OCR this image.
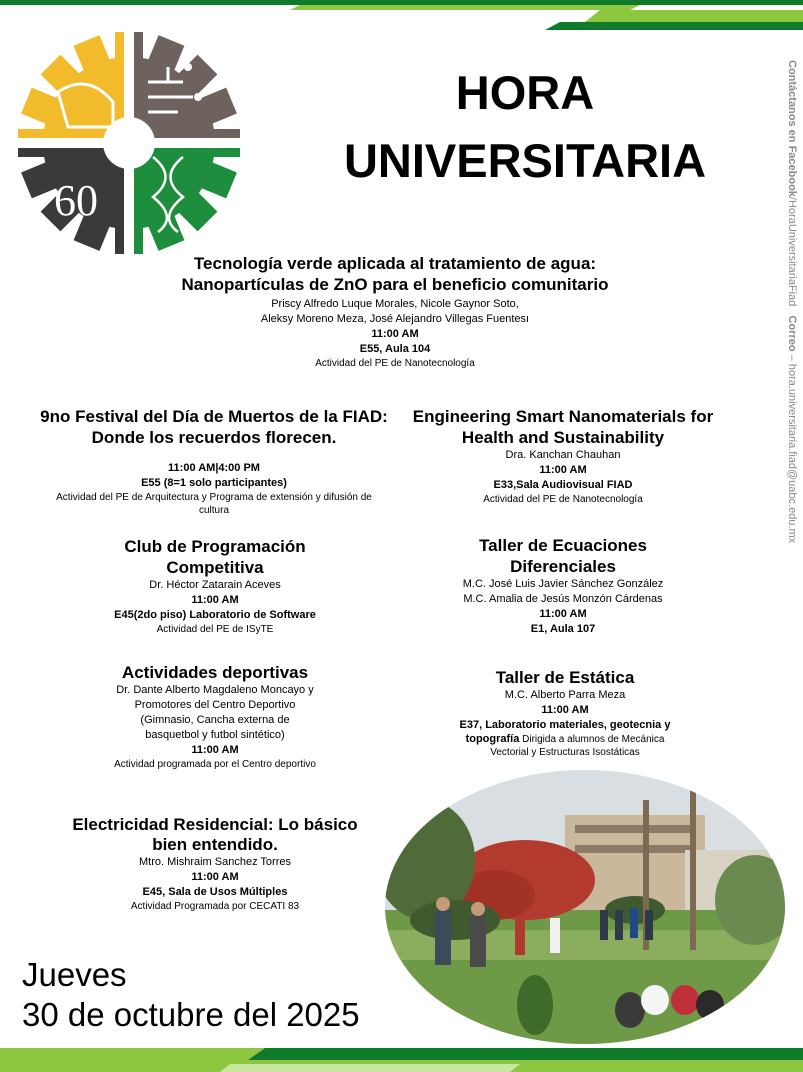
60
HORA
UNIVERSITARIA	Contáctanos en Facebook/HoraUniversitariaFiad   Correo – hora.universitaria.fiad@uabc.edu.mx
Tecnología verde aplicada al tratamiento de agua: Nanopartículas de ZnO para el beneficio comunitario
Priscy Alfredo Luque Morales, Nicole Gaynor Soto,
Aleksy Moreno Meza, José Alejandro Villegas Fuentesı
11:00 AM
E55, Aula 104
Actividad del PE de Nanotecnología
9no Festival del Día de Muertos de la FIAD: Donde los recuerdos florecen.
11:00 AM|4:00 PM
E55 (8=1 solo participantes)
Actividad del PE de Arquitectura y Programa de extensión y difusión de cultura
Engineering Smart Nanomaterials for Health and Sustainability
Dra. Kanchan Chauhan
11:00 AM
E33,Sala Audiovisual FIAD
Actividad del PE de Nanotecnología
Club de Programación Competitiva
Dr. Héctor Zatarain Aceves
11:00 AM
E45(2do piso) Laboratorio de Software
Actividad del PE de ISyTE
Taller de Ecuaciones Diferenciales
M.C. José Luis Javier Sánchez González
M.C. Amalia de Jesús Monzón Cárdenas
11:00 AM
E1, Aula 107
Actividades deportivas
Dr. Dante Alberto Magdaleno Moncayo y
Promotores del Centro Deportivo
(Gimnasio, Cancha externa de
basquetbol y futbol sintético)
11:00 AM
Actividad programada por el Centro deportivo
Taller de Estática
M.C. Alberto Parra Meza
11:00 AM
E37, Laboratorio materiales, geotecnia y
topografía Dirigida a alumnos de Mecánica
Vectorial y Estructuras Isostáticas
Electricidad Residencial: Lo básico
bien entendido.
Mtro. Mishraim Sanchez Torres
11:00 AM
E45, Sala de Usos Múltiples
Actividad Programada por CECATI 83
Jueves
30 de octubre del 2025
